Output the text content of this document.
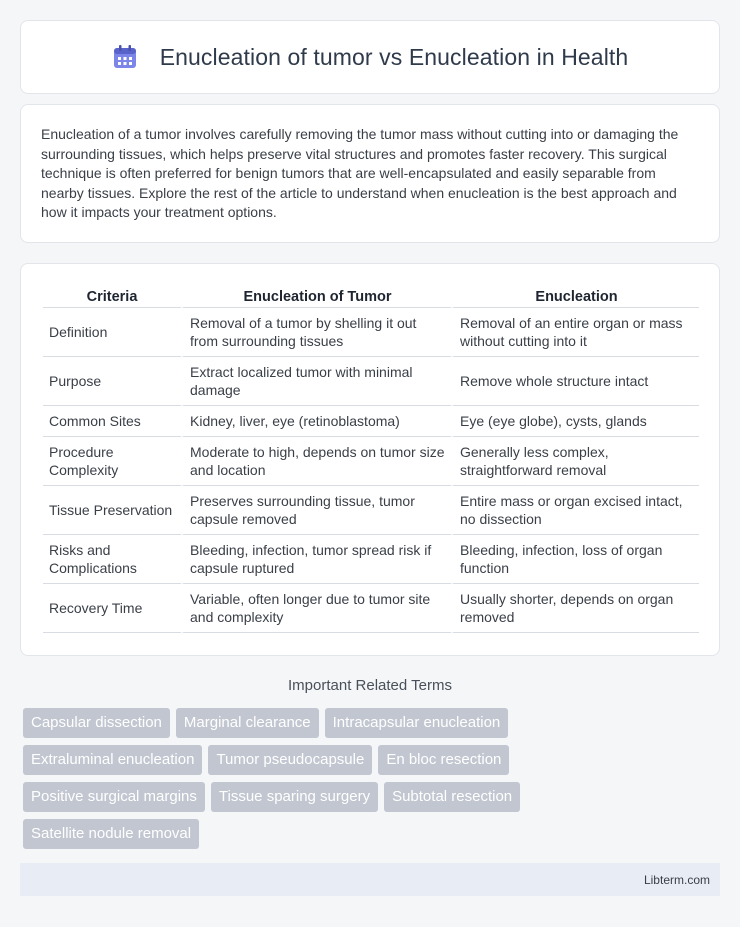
Enucleation of tumor vs Enucleation in Health

Enucleation of a tumor involves carefully removing the tumor mass without cutting into or damaging the surrounding tissues, which helps preserve vital structures and promotes faster recovery. This surgical technique is often preferred for benign tumors that are well-encapsulated and easily separable from nearby tissues. Explore the rest of the article to understand when enucleation is the best approach and how it impacts your treatment options.

Criteria	Enucleation of Tumor	Enucleation
Definition	Removal of a tumor by shelling it out from surrounding tissues	Removal of an entire organ or mass without cutting into it
Purpose	Extract localized tumor with minimal damage	Remove whole structure intact
Common Sites	Kidney, liver, eye (retinoblastoma)	Eye (eye globe), cysts, glands
Procedure Complexity	Moderate to high, depends on tumor size and location	Generally less complex, straightforward removal
Tissue Preservation	Preserves surrounding tissue, tumor capsule removed	Entire mass or organ excised intact, no dissection
Risks and Complications	Bleeding, infection, tumor spread risk if capsule ruptured	Bleeding, infection, loss of organ function
Recovery Time	Variable, often longer due to tumor site and complexity	Usually shorter, depends on organ removed
Important Related Terms
Capsular dissection	Marginal clearance	Intracapsular enucleation
Extraluminal enucleation	Tumor pseudocapsule	En bloc resection
Positive surgical margins	Tissue sparing surgery	Subtotal resection
Satellite nodule removal
Libterm.com
